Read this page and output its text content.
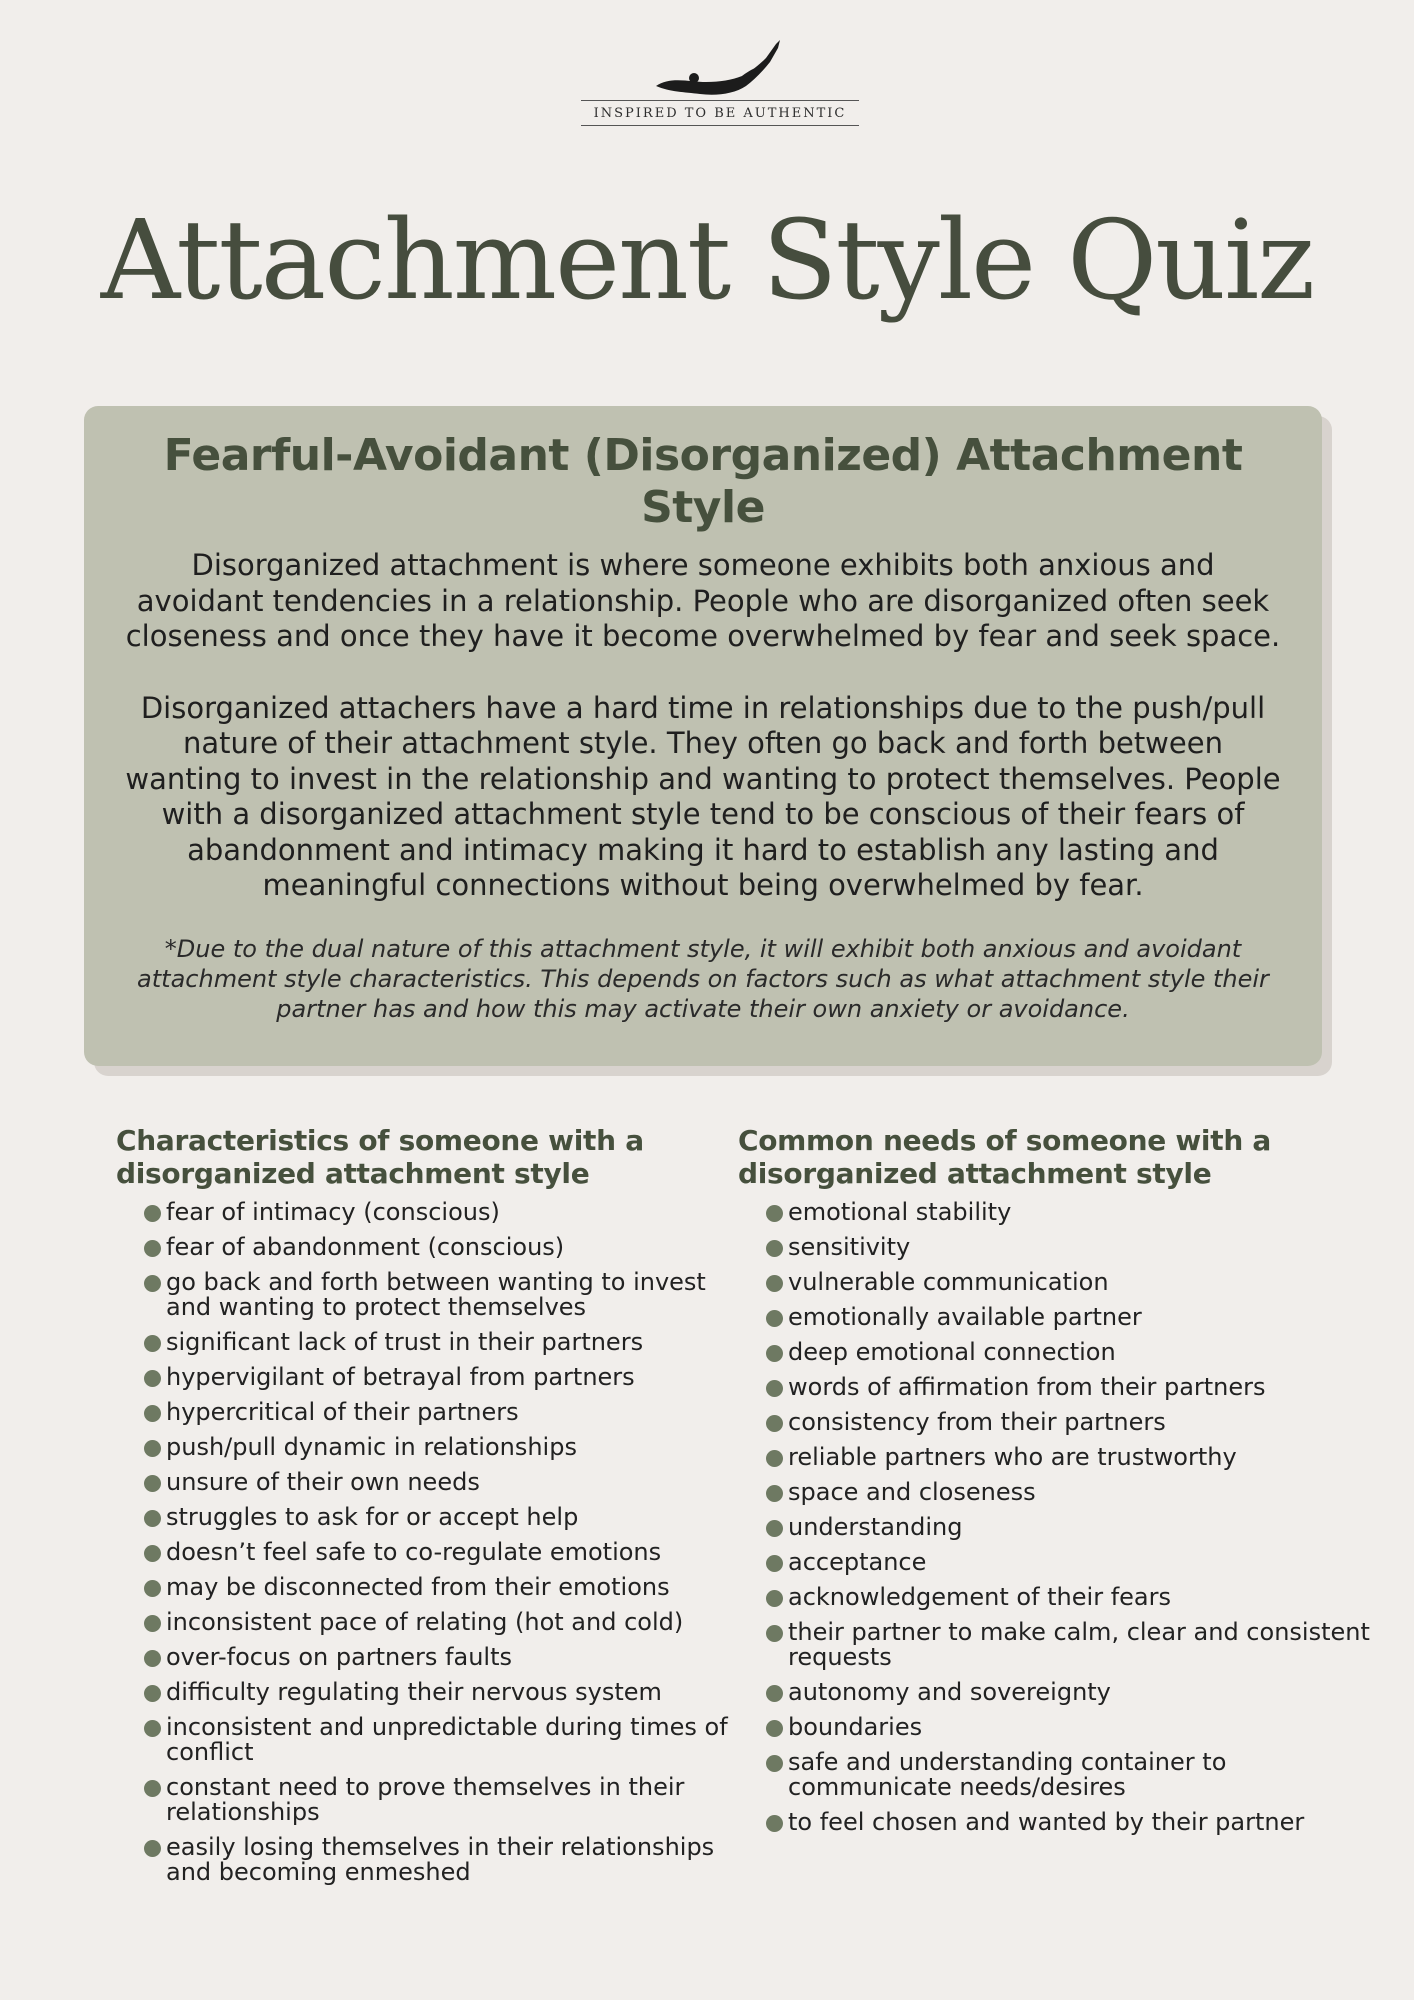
INSPIRED TO BE AUTHENTIC
Attachment Style Quiz
Fearful-Avoidant (Disorganized) Attachment Style

Disorganized attachment is where someone exhibits both anxious and avoidant tendencies in a relationship. People who are disorganized often seek closeness and once they have it become overwhelmed by fear and seek space.

Disorganized attachers have a hard time in relationships due to the push/pull nature of their attachment style. They often go back and forth between wanting to invest in the relationship and wanting to protect themselves. People with a disorganized attachment style tend to be conscious of their fears of abandonment and intimacy making it hard to establish any lasting and meaningful connections without being overwhelmed by fear.

*Due to the dual nature of this attachment style, it will exhibit both anxious and avoidant attachment style characteristics. This depends on factors such as what attachment style their partner has and how this may activate their own anxiety or avoidance.

Characteristics of someone with a disorganized attachment style
fear of intimacy (conscious)
fear of abandonment (conscious)
go back and forth between wanting to invest and wanting to protect themselves
significant lack of trust in their partners
hypervigilant of betrayal from partners
hypercritical of their partners
push/pull dynamic in relationships
unsure of their own needs
struggles to ask for or accept help
doesn’t feel safe to co-regulate emotions
may be disconnected from their emotions
inconsistent pace of relating (hot and cold)
over-focus on partners faults
difficulty regulating their nervous system
inconsistent and unpredictable during times of conflict
constant need to prove themselves in their relationships
easily losing themselves in their relationships and becoming enmeshed
Common needs of someone with a disorganized attachment style
emotional stability
sensitivity
vulnerable communication
emotionally available partner
deep emotional connection
words of affirmation from their partners
consistency from their partners
reliable partners who are trustworthy
space and closeness
understanding
acceptance
acknowledgement of their fears
their partner to make calm, clear and consistent requests
autonomy and sovereignty
boundaries
safe and understanding container to communicate needs/desires
to feel chosen and wanted by their partner
